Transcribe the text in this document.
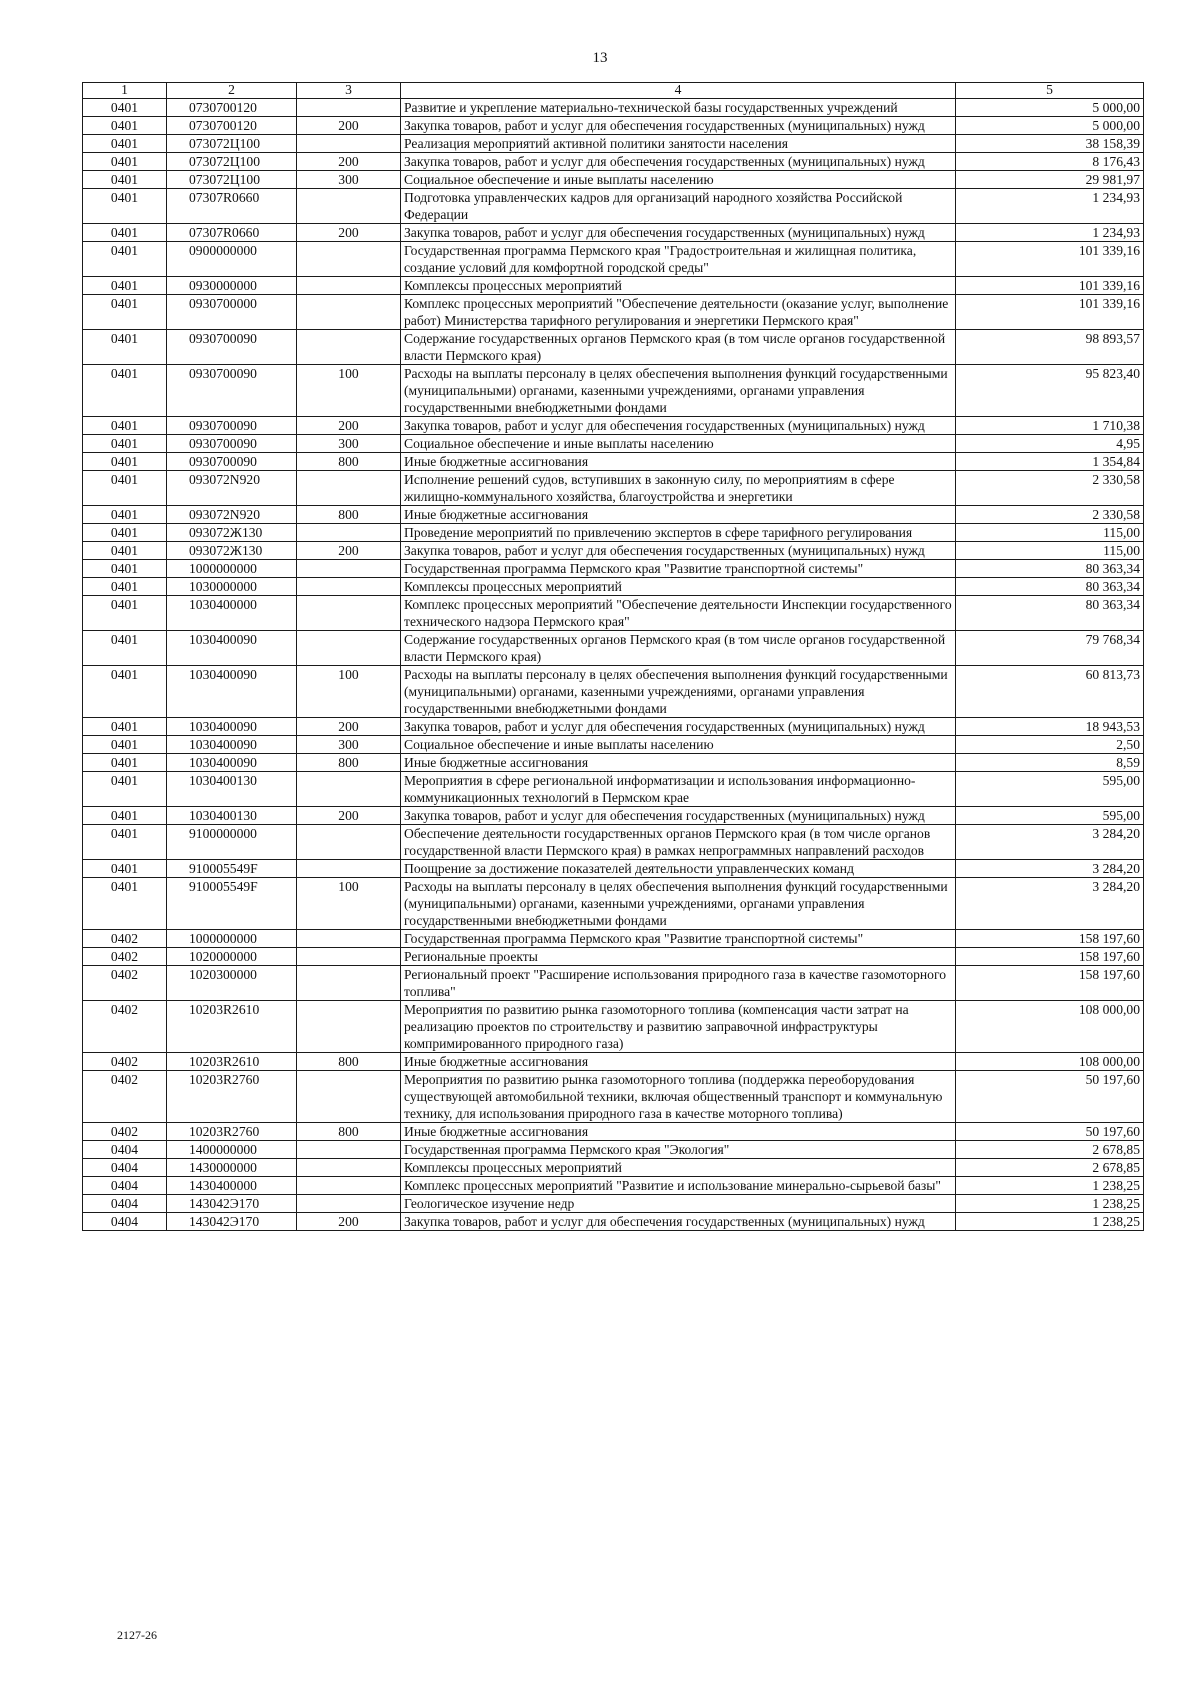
13
1	2	3	4	5
0401	0730700120		Развитие и укрепление материально-технической базы государственных учреждений	5 000,00
0401	0730700120	200	Закупка товаров, работ и услуг для обеспечения государственных (муниципальных) нужд	5 000,00
0401	073072Ц100		Реализация мероприятий активной политики занятости населения	38 158,39
0401	073072Ц100	200	Закупка товаров, работ и услуг для обеспечения государственных (муниципальных) нужд	8 176,43
0401	073072Ц100	300	Социальное обеспечение и иные выплаты населению	29 981,97
0401	07307R0660		Подготовка управленческих кадров для организаций народного хозяйства Российской Федерации	1 234,93
0401	07307R0660	200	Закупка товаров, работ и услуг для обеспечения государственных (муниципальных) нужд	1 234,93
0401	0900000000		Государственная программа Пермского края "Градостроительная и жилищная политика, создание условий для комфортной городской среды"	101 339,16
0401	0930000000		Комплексы процессных мероприятий	101 339,16
0401	0930700000		Комплекс процессных мероприятий "Обеспечение деятельности (оказание услуг, выполнение работ) Министерства тарифного регулирования и энергетики Пермского края"	101 339,16
0401	0930700090		Содержание государственных органов Пермского края (в том числе органов государственной власти Пермского края)	98 893,57
0401	0930700090	100	Расходы на выплаты персоналу в целях обеспечения выполнения функций государственными (муниципальными) органами, казенными учреждениями, органами управления государственными внебюджетными фондами	95 823,40
0401	0930700090	200	Закупка товаров, работ и услуг для обеспечения государственных (муниципальных) нужд	1 710,38
0401	0930700090	300	Социальное обеспечение и иные выплаты населению	4,95
0401	0930700090	800	Иные бюджетные ассигнования	1 354,84
0401	093072N920		Исполнение решений судов, вступивших в законную силу, по мероприятиям в сфере жилищно-коммунального хозяйства, благоустройства и энергетики	2 330,58
0401	093072N920	800	Иные бюджетные ассигнования	2 330,58
0401	093072Ж130		Проведение мероприятий по привлечению экспертов в сфере тарифного регулирования	115,00
0401	093072Ж130	200	Закупка товаров, работ и услуг для обеспечения государственных (муниципальных) нужд	115,00
0401	1000000000		Государственная программа Пермского края "Развитие транспортной системы"	80 363,34
0401	1030000000		Комплексы процессных мероприятий	80 363,34
0401	1030400000		Комплекс процессных мероприятий "Обеспечение деятельности Инспекции государственного технического надзора Пермского края"	80 363,34
0401	1030400090		Содержание государственных органов Пермского края (в том числе органов государственной власти Пермского края)	79 768,34
0401	1030400090	100	Расходы на выплаты персоналу в целях обеспечения выполнения функций государственными (муниципальными) органами, казенными учреждениями, органами управления государственными внебюджетными фондами	60 813,73
0401	1030400090	200	Закупка товаров, работ и услуг для обеспечения государственных (муниципальных) нужд	18 943,53
0401	1030400090	300	Социальное обеспечение и иные выплаты населению	2,50
0401	1030400090	800	Иные бюджетные ассигнования	8,59
0401	1030400130		Мероприятия в сфере региональной информатизации и использования информационно-коммуникационных технологий в Пермском крае	595,00
0401	1030400130	200	Закупка товаров, работ и услуг для обеспечения государственных (муниципальных) нужд	595,00
0401	9100000000		Обеспечение деятельности государственных органов Пермского края (в том числе органов государственной власти Пермского края) в рамках непрограммных направлений расходов	3 284,20
0401	910005549F		Поощрение за достижение показателей деятельности управленческих команд	3 284,20
0401	910005549F	100	Расходы на выплаты персоналу в целях обеспечения выполнения функций государственными (муниципальными) органами, казенными учреждениями, органами управления государственными внебюджетными фондами	3 284,20
0402	1000000000		Государственная программа Пермского края "Развитие транспортной системы"	158 197,60
0402	1020000000		Региональные проекты	158 197,60
0402	1020300000		Региональный проект "Расширение использования природного газа в качестве газомоторного топлива"	158 197,60
0402	10203R2610		Мероприятия по развитию рынка газомоторного топлива (компенсация части затрат на реализацию проектов по строительству и развитию заправочной инфраструктуры компримированного природного газа)	108 000,00
0402	10203R2610	800	Иные бюджетные ассигнования	108 000,00
0402	10203R2760		Мероприятия по развитию рынка газомоторного топлива (поддержка переоборудования существующей автомобильной техники, включая общественный транспорт и коммунальную технику, для использования природного газа в качестве моторного топлива)	50 197,60
0402	10203R2760	800	Иные бюджетные ассигнования	50 197,60
0404	1400000000		Государственная программа Пермского края "Экология"	2 678,85
0404	1430000000		Комплексы процессных мероприятий	2 678,85
0404	1430400000		Комплекс процессных мероприятий "Развитие и использование минерально-сырьевой базы"	1 238,25
0404	143042Э170		Геологическое изучение недр	1 238,25
0404	143042Э170	200	Закупка товаров, работ и услуг для обеспечения государственных (муниципальных) нужд	1 238,25
2127-26
